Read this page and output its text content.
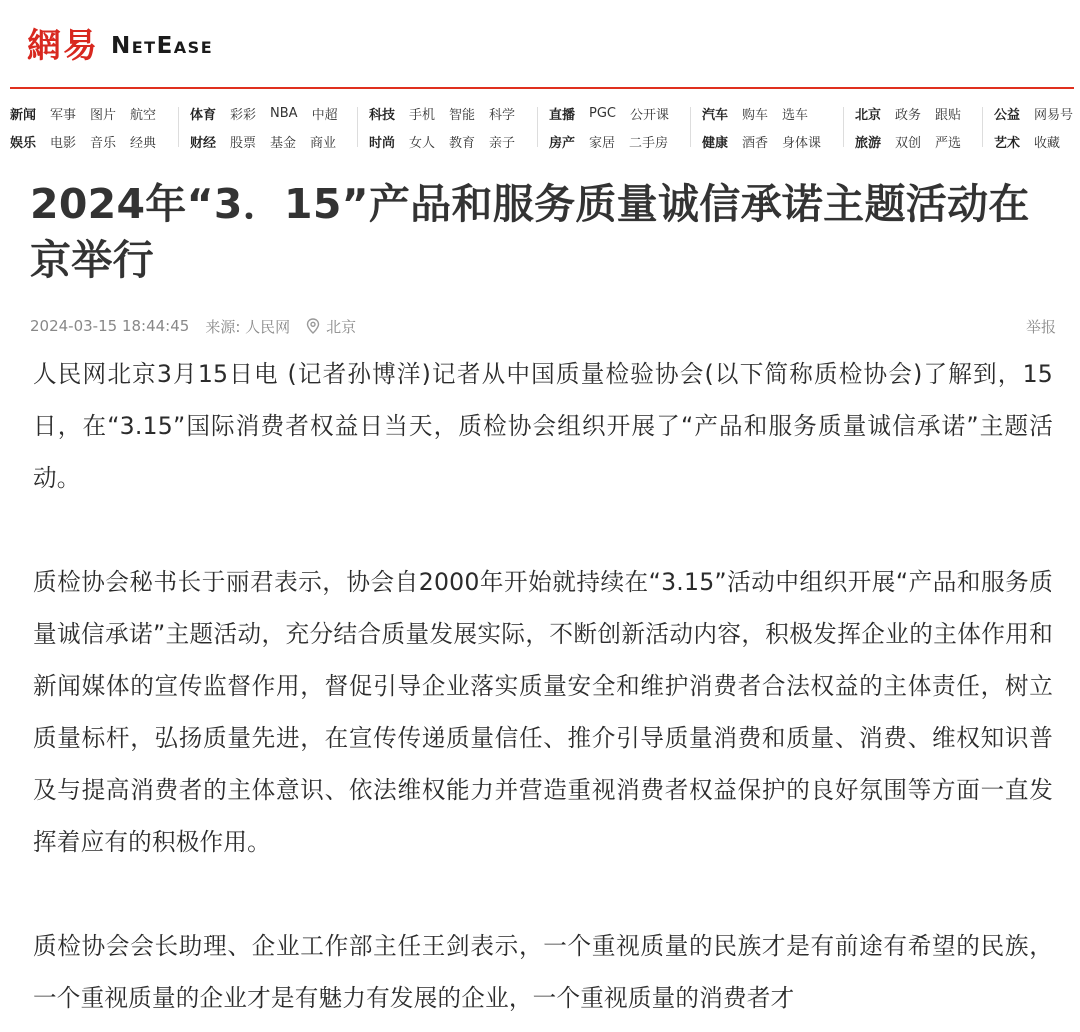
網易 NetEase
新闻 军事 图片 航空
娱乐 电影 音乐 经典
体育 彩彩 NBA 中超
财经 股票 基金 商业
科技 手机 智能 科学
时尚 女人 教育 亲子
直播 PGC 公开课
房产 家居 二手房
汽车 购车 选车
健康 酒香 身体课
北京 政务 跟贴
旅游 双创 严选
公益 网易号
艺术 收藏
2024年“3．15”产品和服务质量诚信承诺主题活动在京举行
2024-03-15 18:44:45 来源: 人民网 北京	举报

人民网北京3月15日电 (记者孙博洋)记者从中国质量检验协会(以下简称质检协会)了解到，15日，在“3.15”国际消费者权益日当天，质检协会组织开展了“产品和服务质量诚信承诺”主题活动。

质检协会秘书长于丽君表示，协会自2000年开始就持续在“3.15”活动中组织开展“产品和服务质量诚信承诺”主题活动，充分结合质量发展实际，不断创新活动内容，积极发挥企业的主体作用和新闻媒体的宣传监督作用，督促引导企业落实质量安全和维护消费者合法权益的主体责任，树立质量标杆，弘扬质量先进，在宣传传递质量信任、推介引导质量消费和质量、消费、维权知识普及与提高消费者的主体意识、依法维权能力并营造重视消费者权益保护的良好氛围等方面一直发挥着应有的积极作用。

质检协会会长助理、企业工作部主任王剑表示，一个重视质量的民族才是有前途有希望的民族，一个重视质量的企业才是有魅力有发展的企业，一个重视质量的消费者才
